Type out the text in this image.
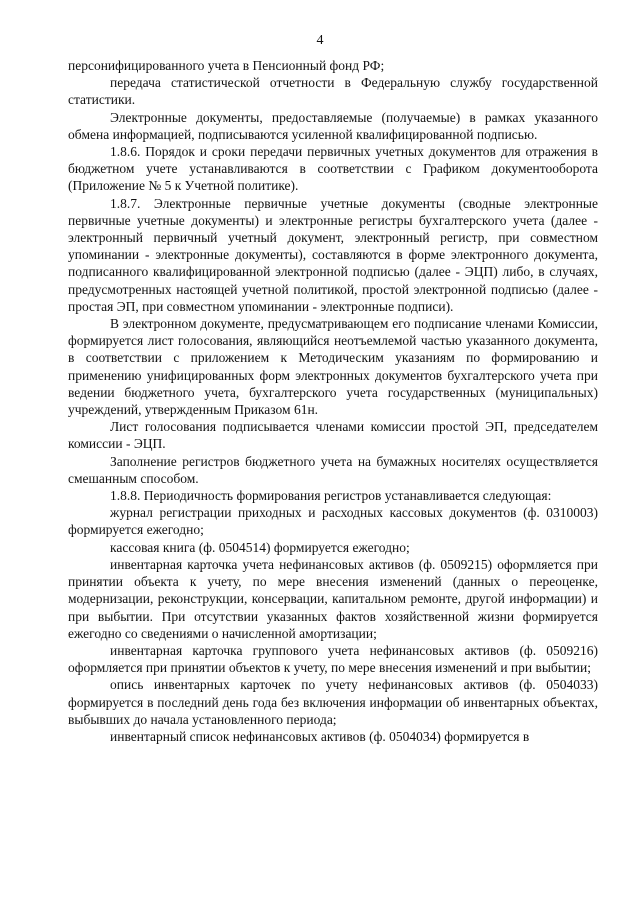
4

персонифицированного учета в Пенсионный фонд РФ;

передача статистической отчетности в Федеральную службу государственной статистики.

Электронные документы, предоставляемые (получаемые) в рамках указанного обмена информацией, подписываются усиленной квалифицированной подписью.

1.8.6. Порядок и сроки передачи первичных учетных документов для отражения в бюджетном учете устанавливаются в соответствии с Графиком документооборота (Приложение № 5 к Учетной политике).

1.8.7. Электронные первичные учетные документы (сводные электронные первичные учетные документы) и электронные регистры бухгалтерского учета (далее - электронный первичный учетный документ, электронный регистр, при совместном упоминании - электронные документы), составляются в форме электронного документа, подписанного квалифицированной электронной подписью (далее - ЭЦП) либо, в случаях, предусмотренных настоящей учетной политикой, простой электронной подписью (далее - простая ЭП, при совместном упоминании - электронные подписи).

В электронном документе, предусматривающем его подписание членами Комиссии, формируется лист голосования, являющийся неотъемлемой частью указанного документа, в соответствии с приложением к Методическим указаниям по формированию и применению унифицированных форм электронных документов бухгалтерского учета при ведении бюджетного учета, бухгалтерского учета государственных (муниципальных) учреждений, утвержденным Приказом 61н.

Лист голосования подписывается членами комиссии простой ЭП, председателем комиссии - ЭЦП.

Заполнение регистров бюджетного учета на бумажных носителях осуществляется смешанным способом.

1.8.8. Периодичность формирования регистров устанавливается следующая:

журнал регистрации приходных и расходных кассовых документов (ф. 0310003) формируется ежегодно;

кассовая книга (ф. 0504514) формируется ежегодно;

инвентарная карточка учета нефинансовых активов (ф. 0509215) оформляется при принятии объекта к учету, по мере внесения изменений (данных о переоценке, модернизации, реконструкции, консервации, капитальном ремонте, другой информации) и при выбытии. При отсутствии указанных фактов хозяйственной жизни формируется ежегодно со сведениями о начисленной амортизации;

инвентарная карточка группового учета нефинансовых активов (ф. 0509216) оформляется при принятии объектов к учету, по мере внесения изменений и при выбытии;

опись инвентарных карточек по учету нефинансовых активов (ф. 0504033) формируется в последний день года без включения информации об инвентарных объектах, выбывших до начала установленного периода;

инвентарный список нефинансовых активов (ф. 0504034) формируется в
